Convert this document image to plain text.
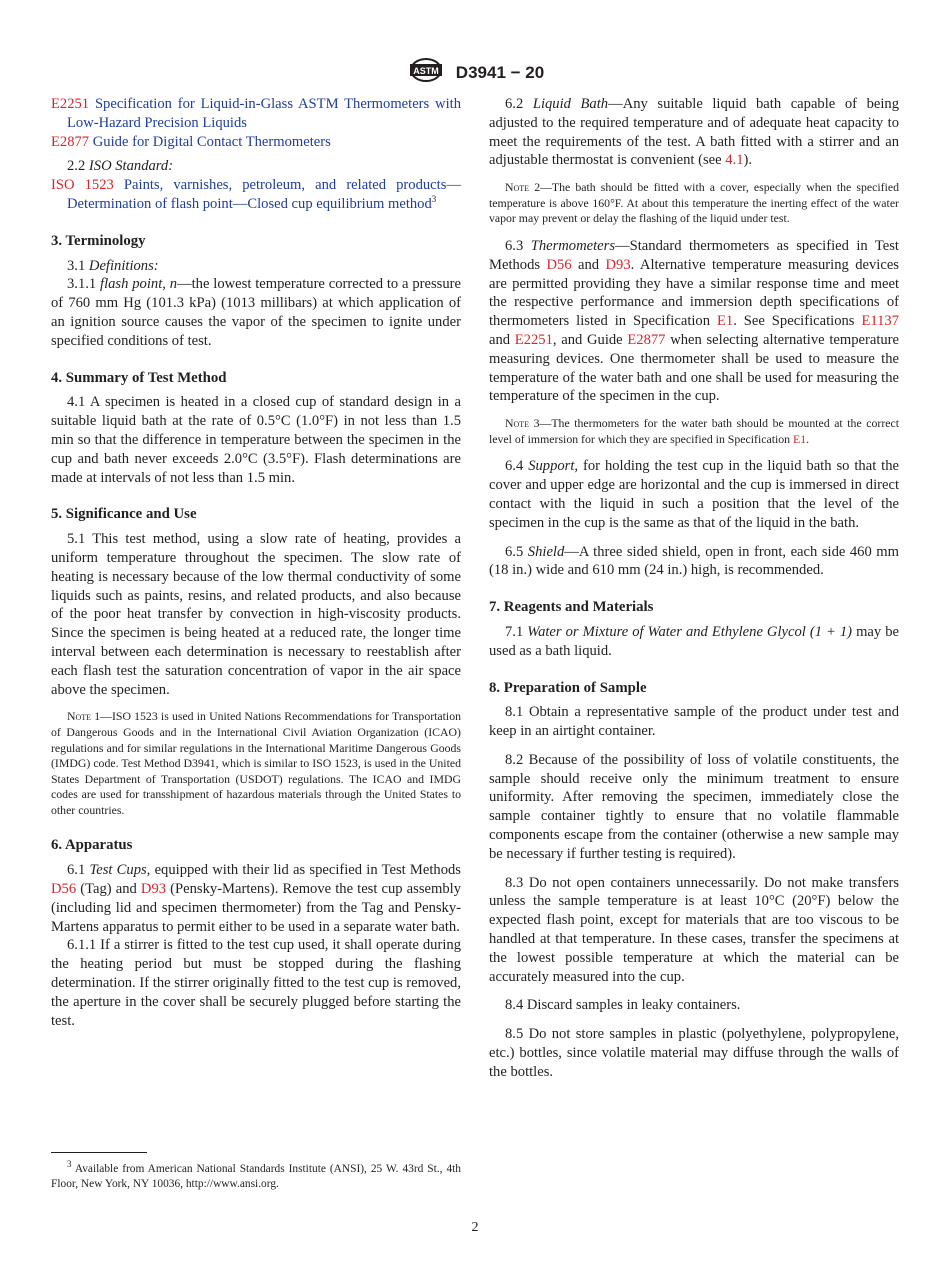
ASTM D3941 − 20

E2251 Specification for Liquid-in-Glass ASTM Thermometers with Low-Hazard Precision Liquids

E2877 Guide for Digital Contact Thermometers

2.2 ISO Standard:

ISO 1523 Paints, varnishes, petroleum, and related products—Determination of flash point—Closed cup equilibrium method$^3$

3. Terminology

3.1 Definitions:

3.1.1 flash point, n—the lowest temperature corrected to a pressure of 760 mm Hg (101.3 kPa) (1013 millibars) at which application of an ignition source causes the vapor of the specimen to ignite under specified conditions of test.

4. Summary of Test Method

4.1 A specimen is heated in a closed cup of standard design in a suitable liquid bath at the rate of 0.5°C (1.0°F) in not less than 1.5 min so that the difference in temperature between the specimen in the cup and bath never exceeds 2.0°C (3.5°F). Flash determinations are made at intervals of not less than 1.5 min.

5. Significance and Use

5.1 This test method, using a slow rate of heating, provides a uniform temperature throughout the specimen. The slow rate of heating is necessary because of the low thermal conductivity of some liquids such as paints, resins, and related products, and also because of the poor heat transfer by convection in high-viscosity products. Since the specimen is being heated at a reduced rate, the longer time interval between each determination is necessary to reestablish after each flash test the saturation concentration of vapor in the air space above the specimen.

Note 1—ISO 1523 is used in United Nations Recommendations for Transportation of Dangerous Goods and in the International Civil Aviation Organization (ICAO) regulations and for similar regulations in the International Maritime Dangerous Goods (IMDG) code. Test Method D3941, which is similar to ISO 1523, is used in the United States Department of Transportation (USDOT) regulations. The ICAO and IMDG codes are used for transshipment of hazardous materials through the United States to other countries.

6. Apparatus

6.1 Test Cups, equipped with their lid as specified in Test Methods D56 (Tag) and D93 (Pensky-Martens). Remove the test cup assembly (including lid and specimen thermometer) from the Tag and Pensky-Martens apparatus to permit either to be used in a separate water bath.

6.1.1 If a stirrer is fitted to the test cup used, it shall operate during the heating period but must be stopped during the flashing determination. If the stirrer originally fitted to the test cup is removed, the aperture in the cover shall be securely plugged before starting the test.

$^3$ Available from American National Standards Institute (ANSI), 25 W. 43rd St., 4th Floor, New York, NY 10036, http://www.ansi.org.

6.2 Liquid Bath—Any suitable liquid bath capable of being adjusted to the required temperature and of adequate heat capacity to meet the requirements of the test. A bath fitted with a stirrer and an adjustable thermostat is convenient (see 4.1).

Note 2—The bath should be fitted with a cover, especially when the specified temperature is above 160°F. At about this temperature the inerting effect of the water vapor may prevent or delay the flashing of the liquid under test.

6.3 Thermometers—Standard thermometers as specified in Test Methods D56 and D93. Alternative temperature measuring devices are permitted providing they have a similar response time and meet the respective performance and immersion depth specifications of thermometers listed in Specification E1. See Specifications E1137 and E2251, and Guide E2877 when selecting alternative temperature measuring devices. One thermometer shall be used to measure the temperature of the water bath and one shall be used for measuring the temperature of the specimen in the cup.

Note 3—The thermometers for the water bath should be mounted at the correct level of immersion for which they are specified in Specification E1.

6.4 Support, for holding the test cup in the liquid bath so that the cover and upper edge are horizontal and the cup is immersed in direct contact with the liquid in such a position that the level of the specimen in the cup is the same as that of the liquid in the bath.

6.5 Shield—A three sided shield, open in front, each side 460 mm (18 in.) wide and 610 mm (24 in.) high, is recommended.

7. Reagents and Materials

7.1 Water or Mixture of Water and Ethylene Glycol (1 + 1) may be used as a bath liquid.

8. Preparation of Sample

8.1 Obtain a representative sample of the product under test and keep in an airtight container.

8.2 Because of the possibility of loss of volatile constituents, the sample should receive only the minimum treatment to ensure uniformity. After removing the specimen, immediately close the sample container tightly to ensure that no volatile flammable components escape from the container (otherwise a new sample may be necessary if further testing is required).

8.3 Do not open containers unnecessarily. Do not make transfers unless the sample temperature is at least 10°C (20°F) below the expected flash point, except for materials that are too viscous to be handled at that temperature. In these cases, transfer the specimens at the lowest possible temperature at which the material can be accurately measured into the cup.

8.4 Discard samples in leaky containers.

8.5 Do not store samples in plastic (polyethylene, polypropylene, etc.) bottles, since volatile material may diffuse through the walls of the bottles.

2
